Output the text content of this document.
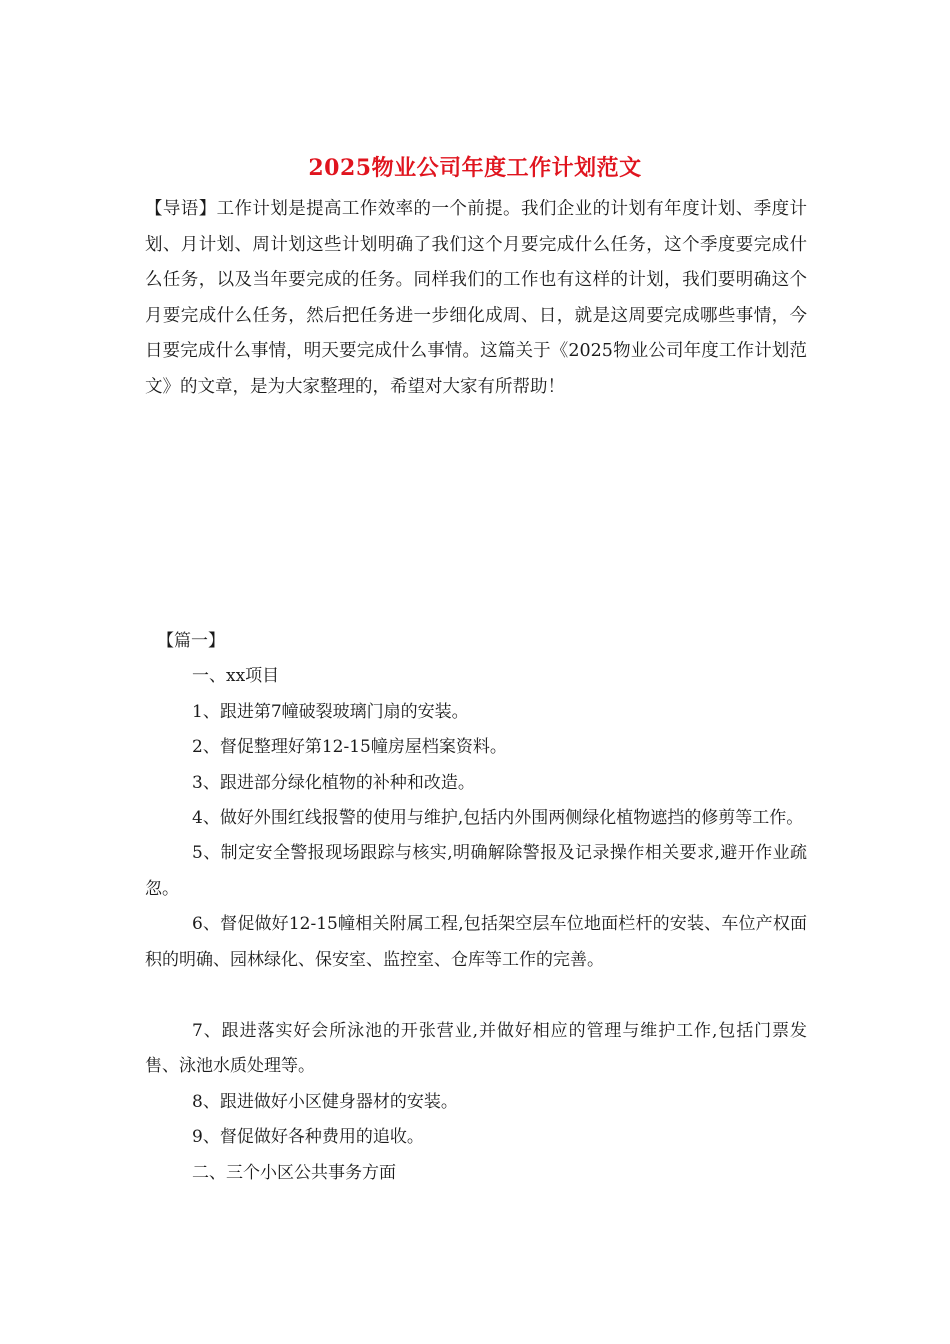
2025物业公司年度工作计划范文
【导语】工作计划是提高工作效率的一个前提。我们企业的计划有年度计划、季度计划、月计划、周计划这些计划明确了我们这个月要完成什么任务，这个季度要完成什么任务，以及当年要完成的任务。同样我们的工作也有这样的计划，我们要明确这个月要完成什么任务，然后把任务进一步细化成周、日，就是这周要完成哪些事情，今日要完成什么事情，明天要完成什么事情。这篇关于《2025物业公司年度工作计划范文》的文章，是为大家整理的，希望对大家有所帮助！

【篇一】

一、xx项目

1、跟进第7幢破裂玻璃门扇的安装。

2、督促整理好第12-15幢房屋档案资料。

3、跟进部分绿化植物的补种和改造。

4、做好外围红线报警的使用与维护,包括内外围两侧绿化植物遮挡的修剪等工作。

5、制定安全警报现场跟踪与核实,明确解除警报及记录操作相关要求,避开作业疏忽。

6、督促做好12-15幢相关附属工程,包括架空层车位地面栏杆的安装、车位产权面积的明确、园林绿化、保安室、监控室、仓库等工作的完善。

7、跟进落实好会所泳池的开张营业,并做好相应的管理与维护工作,包括门票发售、泳池水质处理等。

8、跟进做好小区健身器材的安装。

9、督促做好各种费用的追收。

二、三个小区公共事务方面
